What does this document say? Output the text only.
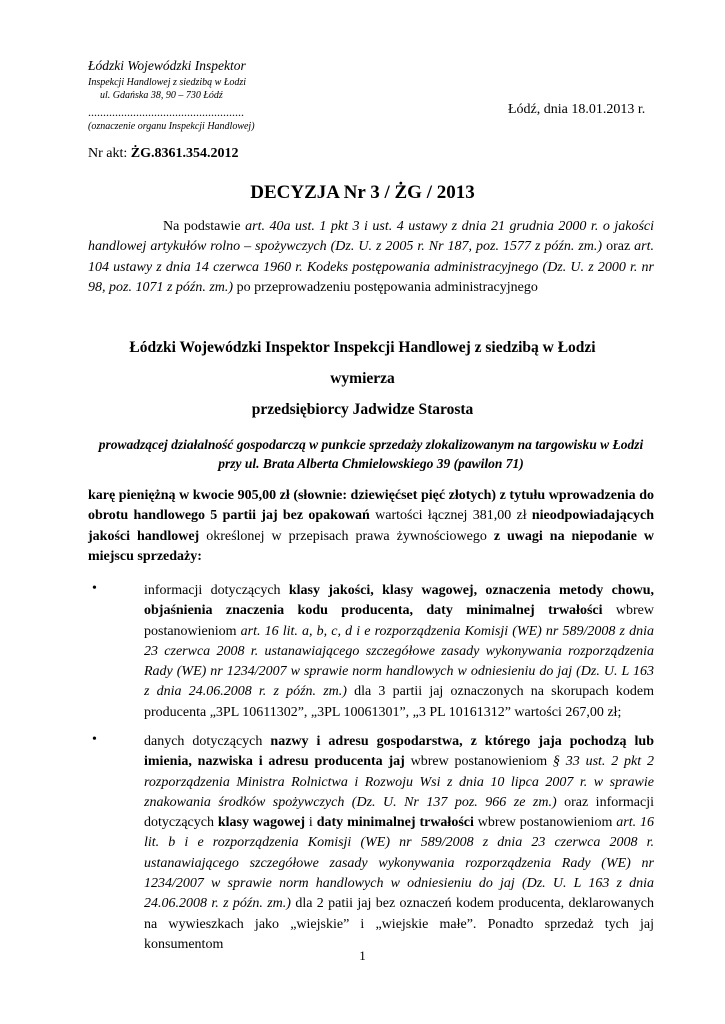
Łódzki Wojewódzki Inspektor
Inspekcji Handlowej z siedzibą w Łodzi
ul. Gdańska 38, 90 – 730 Łódź
....................................................
(oznaczenie organu Inspekcji Handlowej)
Łódź, dnia 18.01.2013 r.
Nr akt: ŻG.8361.354.2012
DECYZJA Nr 3 / ŻG / 2013
Na podstawie art. 40a ust. 1 pkt 3 i ust. 4 ustawy z dnia 21 grudnia 2000 r. o jakości handlowej artykułów rolno – spożywczych (Dz. U. z 2005 r. Nr 187, poz. 1577 z późn. zm.) oraz art. 104 ustawy z dnia 14 czerwca 1960 r. Kodeks postępowania administracyjnego (Dz. U. z 2000 r. nr 98, poz. 1071 z późn. zm.) po przeprowadzeniu postępowania administracyjnego
Łódzki Wojewódzki Inspektor Inspekcji Handlowej z siedzibą w Łodzi
wymierza
przedsiębiorcy Jadwidze Starosta
prowadzącej działalność gospodarczą w punkcie sprzedaży zlokalizowanym na targowisku w Łodzi przy ul. Brata Alberta Chmielowskiego 39 (pawilon 71)
karę pieniężną w kwocie 905,00 zł (słownie: dziewięćset pięć złotych) z tytułu wprowadzenia do obrotu handlowego 5 partii jaj bez opakowań wartości łącznej 381,00 zł nieodpowiadających jakości handlowej określonej w przepisach prawa żywnościowego z uwagi na niepodanie w miejscu sprzedaży:
•	informacji dotyczących klasy jakości, klasy wagowej, oznaczenia metody chowu, objaśnienia znaczenia kodu producenta, daty minimalnej trwałości wbrew postanowieniom art. 16 lit. a, b, c, d i e rozporządzenia Komisji (WE) nr 589/2008 z dnia 23 czerwca 2008 r. ustanawiającego szczegółowe zasady wykonywania rozporządzenia Rady (WE) nr 1234/2007 w sprawie norm handlowych w odniesieniu do jaj (Dz. U. L 163 z dnia 24.06.2008 r. z późn. zm.) dla 3 partii jaj oznaczonych na skorupach kodem producenta „3PL 10611302”, „3PL 10061301”, „3 PL 10161312” wartości 267,00 zł;
•	danych dotyczących nazwy i adresu gospodarstwa, z którego jaja pochodzą lub imienia, nazwiska i adresu producenta jaj wbrew postanowieniom § 33 ust. 2 pkt 2 rozporządzenia Ministra Rolnictwa i Rozwoju Wsi z dnia 10 lipca 2007 r. w sprawie znakowania środków spożywczych (Dz. U. Nr 137 poz. 966 ze zm.) oraz informacji dotyczących klasy wagowej i daty minimalnej trwałości wbrew postanowieniom art. 16 lit. b i e rozporządzenia Komisji (WE) nr 589/2008 z dnia 23 czerwca 2008 r. ustanawiającego szczegółowe zasady wykonywania rozporządzenia Rady (WE) nr 1234/2007 w sprawie norm handlowych w odniesieniu do jaj (Dz. U. L 163 z dnia 24.06.2008 r. z późn. zm.) dla 2 patii jaj bez oznaczeń kodem producenta, deklarowanych na wywieszkach jako „wiejskie” i „wiejskie małe”. Ponadto sprzedaż tych jaj konsumentom
1
